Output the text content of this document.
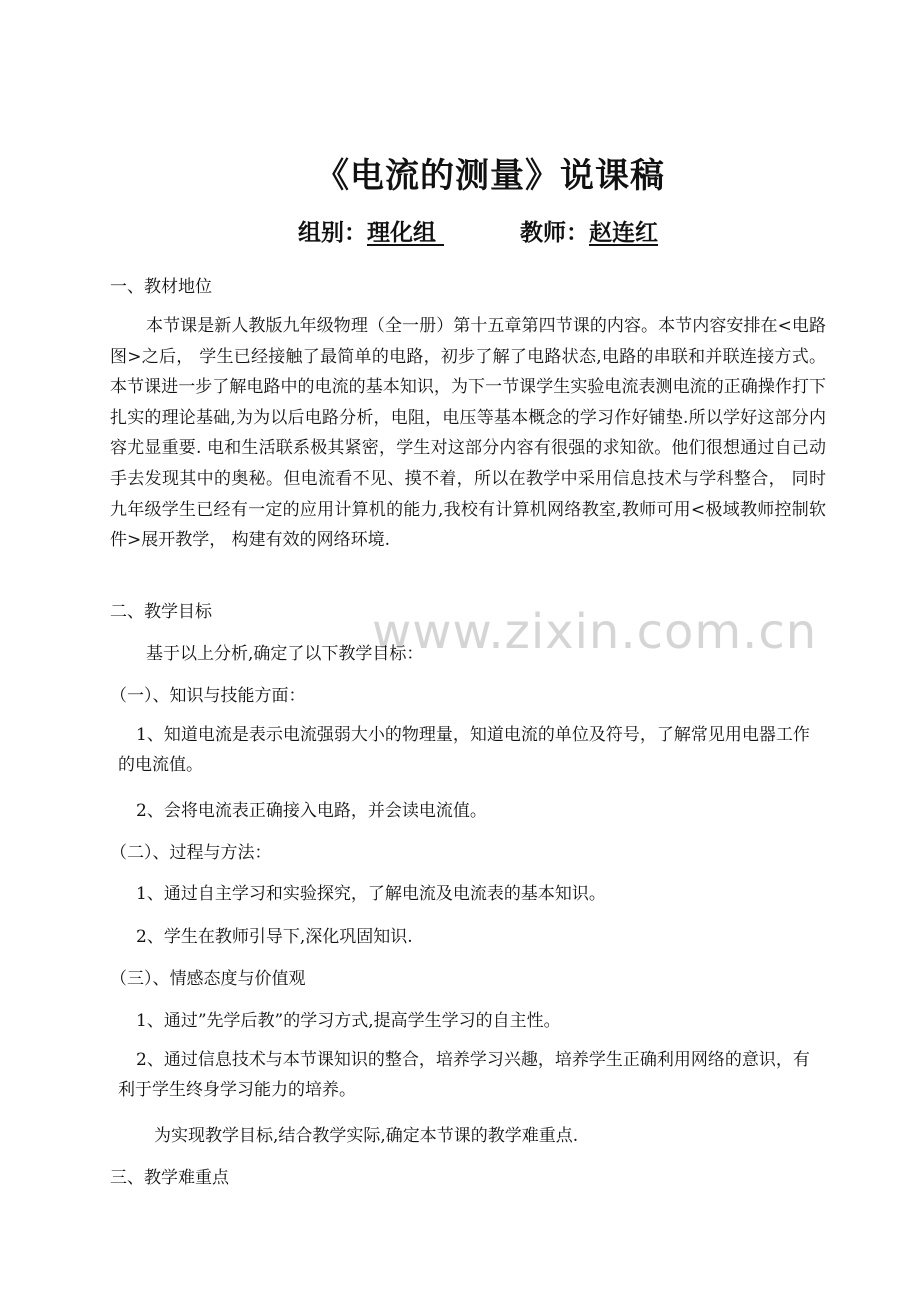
《电流的测量》说课稿
组别：理化组	教师：赵连红
一、教材地位

本节课是新人教版九年级物理（全一册）第十五章第四节课的内容。本节内容安排在<电路图>之后， 学生已经接触了最简单的电路，初步了解了电路状态,电路的串联和并联连接方式。本节课进一步了解电路中的电流的基本知识，为下一节课学生实验电流表测电流的正确操作打下扎实的理论基础,为为以后电路分析，电阻，电压等基本概念的学习作好铺垫.所以学好这部分内容尤显重要. 电和生活联系极其紧密，学生对这部分内容有很强的求知欲。他们很想通过自己动手去发现其中的奥秘。但电流看不见、摸不着，所以在教学中采用信息技术与学科整合， 同时九年级学生已经有一定的应用计算机的能力,我校有计算机网络教室,教师可用<极域教师控制软件>展开教学， 构建有效的网络环境.

二、教学目标	www.zixin.com.cn
基于以上分析,确定了以下教学目标：
（一）、知识与技能方面：

1、知道电流是表示电流强弱大小的物理量，知道电流的单位及符号，了解常见用电器工作的电流值。

2、会将电流表正确接入电路，并会读电流值。
（二）、过程与方法：
1、通过自主学习和实验探究，了解电流及电流表的基本知识。
2、学生在教师引导下,深化巩固知识.
（三）、情感态度与价值观
1、通过”先学后教”的学习方式,提高学生学习的自主性。

2、通过信息技术与本节课知识的整合，培养学习兴趣，培养学生正确利用网络的意识，有利于学生终身学习能力的培养。

为实现教学目标,结合教学实际,确定本节课的教学难重点.
三、教学难重点
